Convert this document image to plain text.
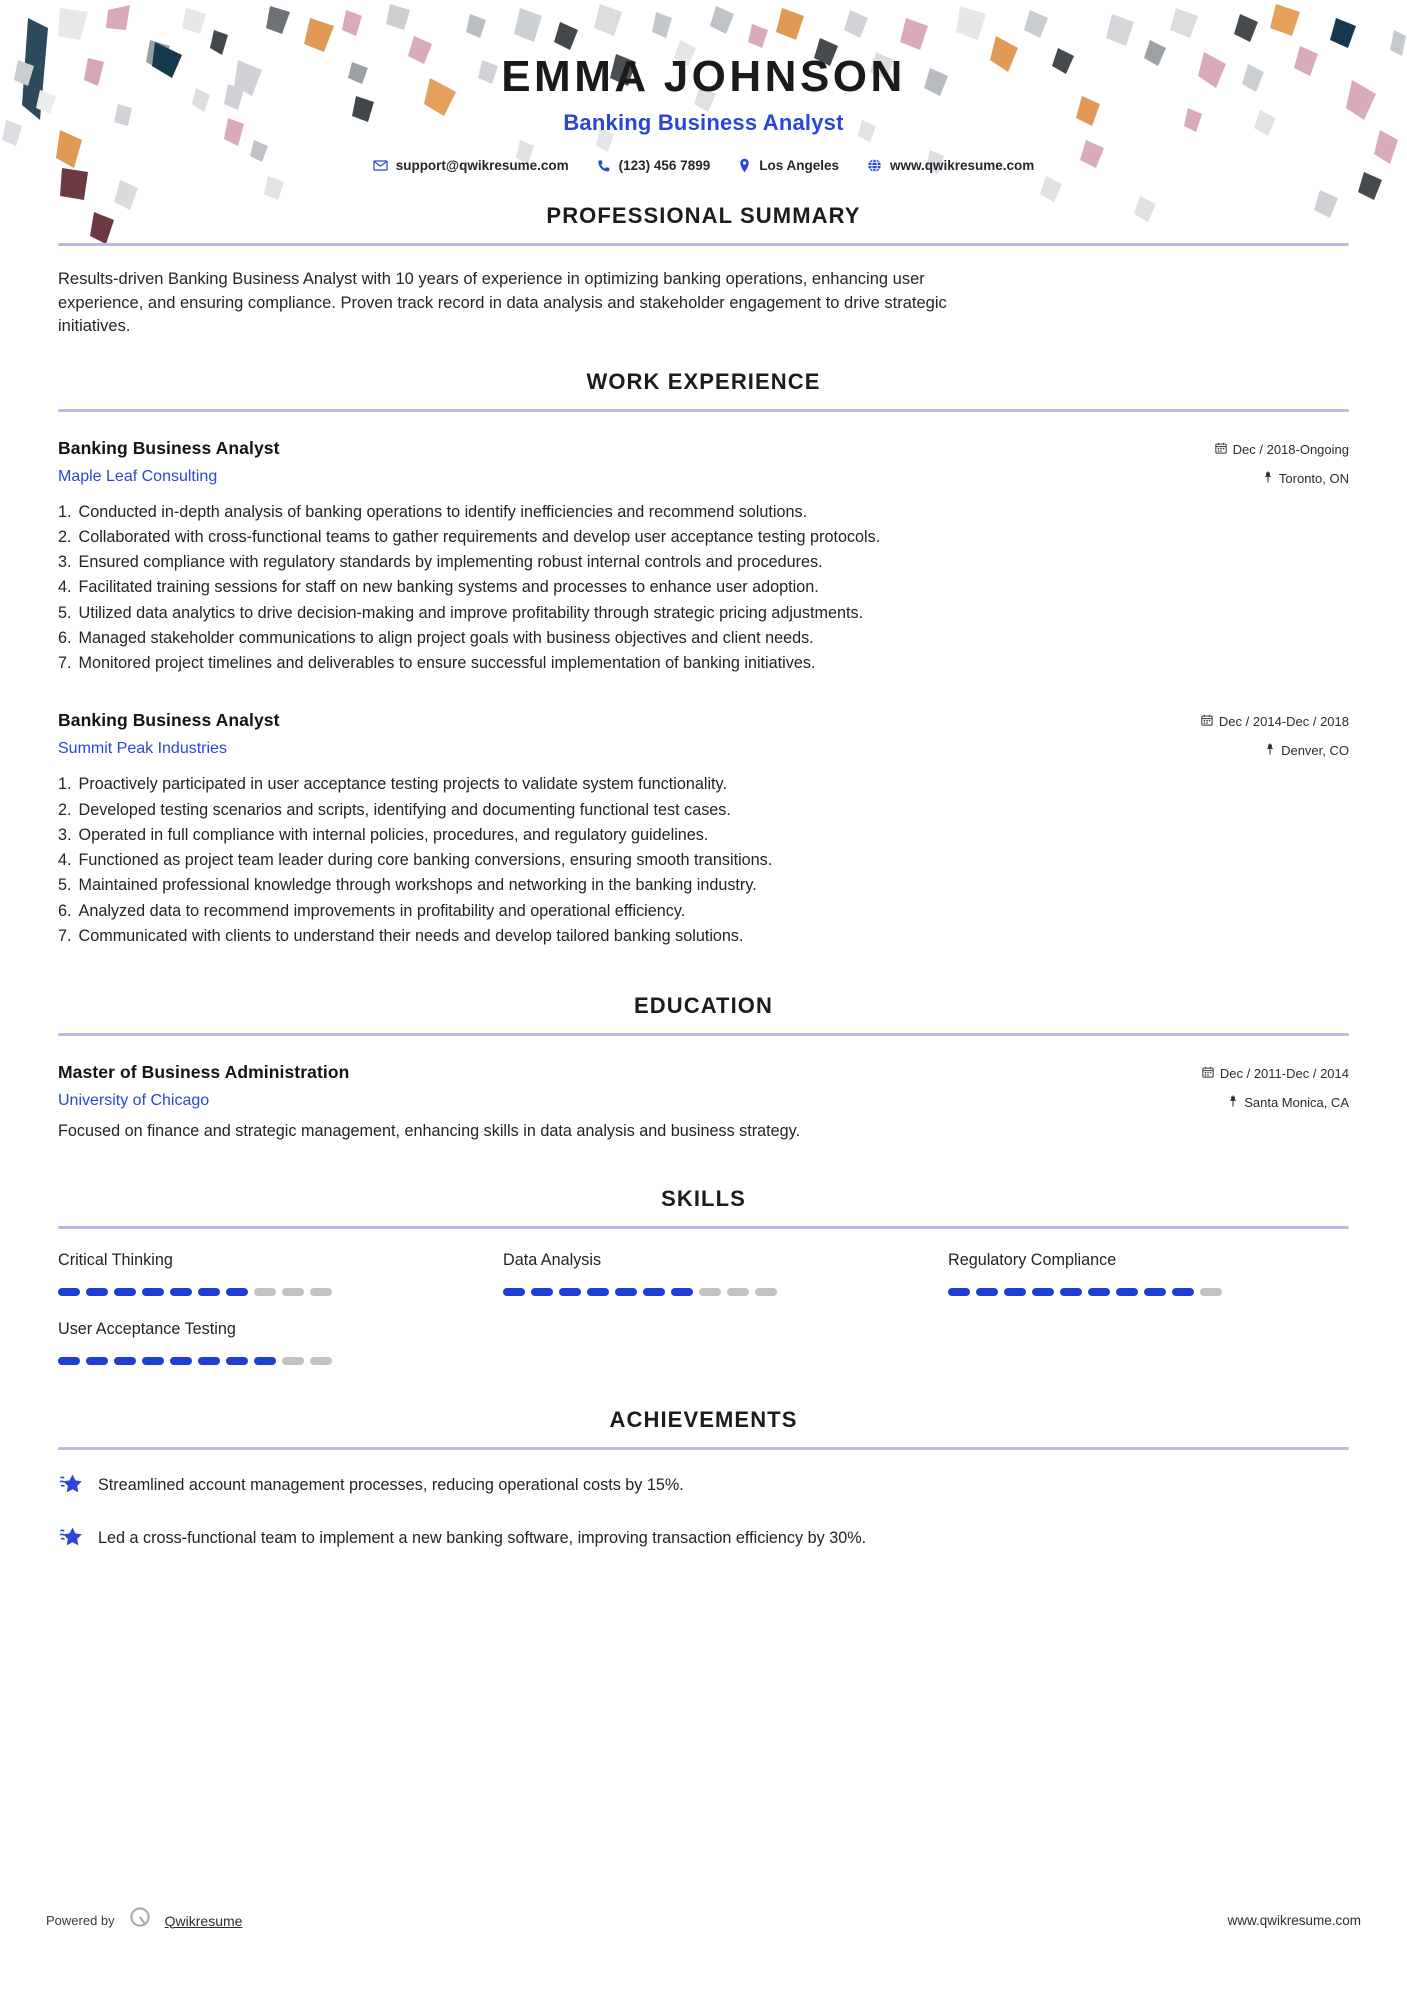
EMMA JOHNSON
Banking Business Analyst
support@qwikresume.com	(123) 456 7899	Los Angeles	www.qwikresume.com
PROFESSIONAL SUMMARY
Results-driven Banking Business Analyst with 10 years of experience in optimizing banking operations, enhancing user experience, and ensuring compliance. Proven track record in data analysis and stakeholder engagement to drive strategic initiatives.
WORK EXPERIENCE
Banking Business Analyst
Maple Leaf Consulting
Dec / 2018-Ongoing
Toronto, ON
1. Conducted in-depth analysis of banking operations to identify inefficiencies and recommend solutions.
2. Collaborated with cross-functional teams to gather requirements and develop user acceptance testing protocols.
3. Ensured compliance with regulatory standards by implementing robust internal controls and procedures.
4. Facilitated training sessions for staff on new banking systems and processes to enhance user adoption.
5. Utilized data analytics to drive decision-making and improve profitability through strategic pricing adjustments.
6. Managed stakeholder communications to align project goals with business objectives and client needs.
7. Monitored project timelines and deliverables to ensure successful implementation of banking initiatives.
Banking Business Analyst
Summit Peak Industries
Dec / 2014-Dec / 2018
Denver, CO
1. Proactively participated in user acceptance testing projects to validate system functionality.
2. Developed testing scenarios and scripts, identifying and documenting functional test cases.
3. Operated in full compliance with internal policies, procedures, and regulatory guidelines.
4. Functioned as project team leader during core banking conversions, ensuring smooth transitions.
5. Maintained professional knowledge through workshops and networking in the banking industry.
6. Analyzed data to recommend improvements in profitability and operational efficiency.
7. Communicated with clients to understand their needs and develop tailored banking solutions.
EDUCATION
Master of Business Administration
University of Chicago
Dec / 2011-Dec / 2014
Santa Monica, CA
Focused on finance and strategic management, enhancing skills in data analysis and business strategy.
SKILLS
Critical Thinking	Data Analysis	Regulatory Compliance
User Acceptance Testing
ACHIEVEMENTS
Streamlined account management processes, reducing operational costs by 15%.
Led a cross-functional team to implement a new banking software, improving transaction efficiency by 30%.
Powered by	Qwikresume	www.qwikresume.com
